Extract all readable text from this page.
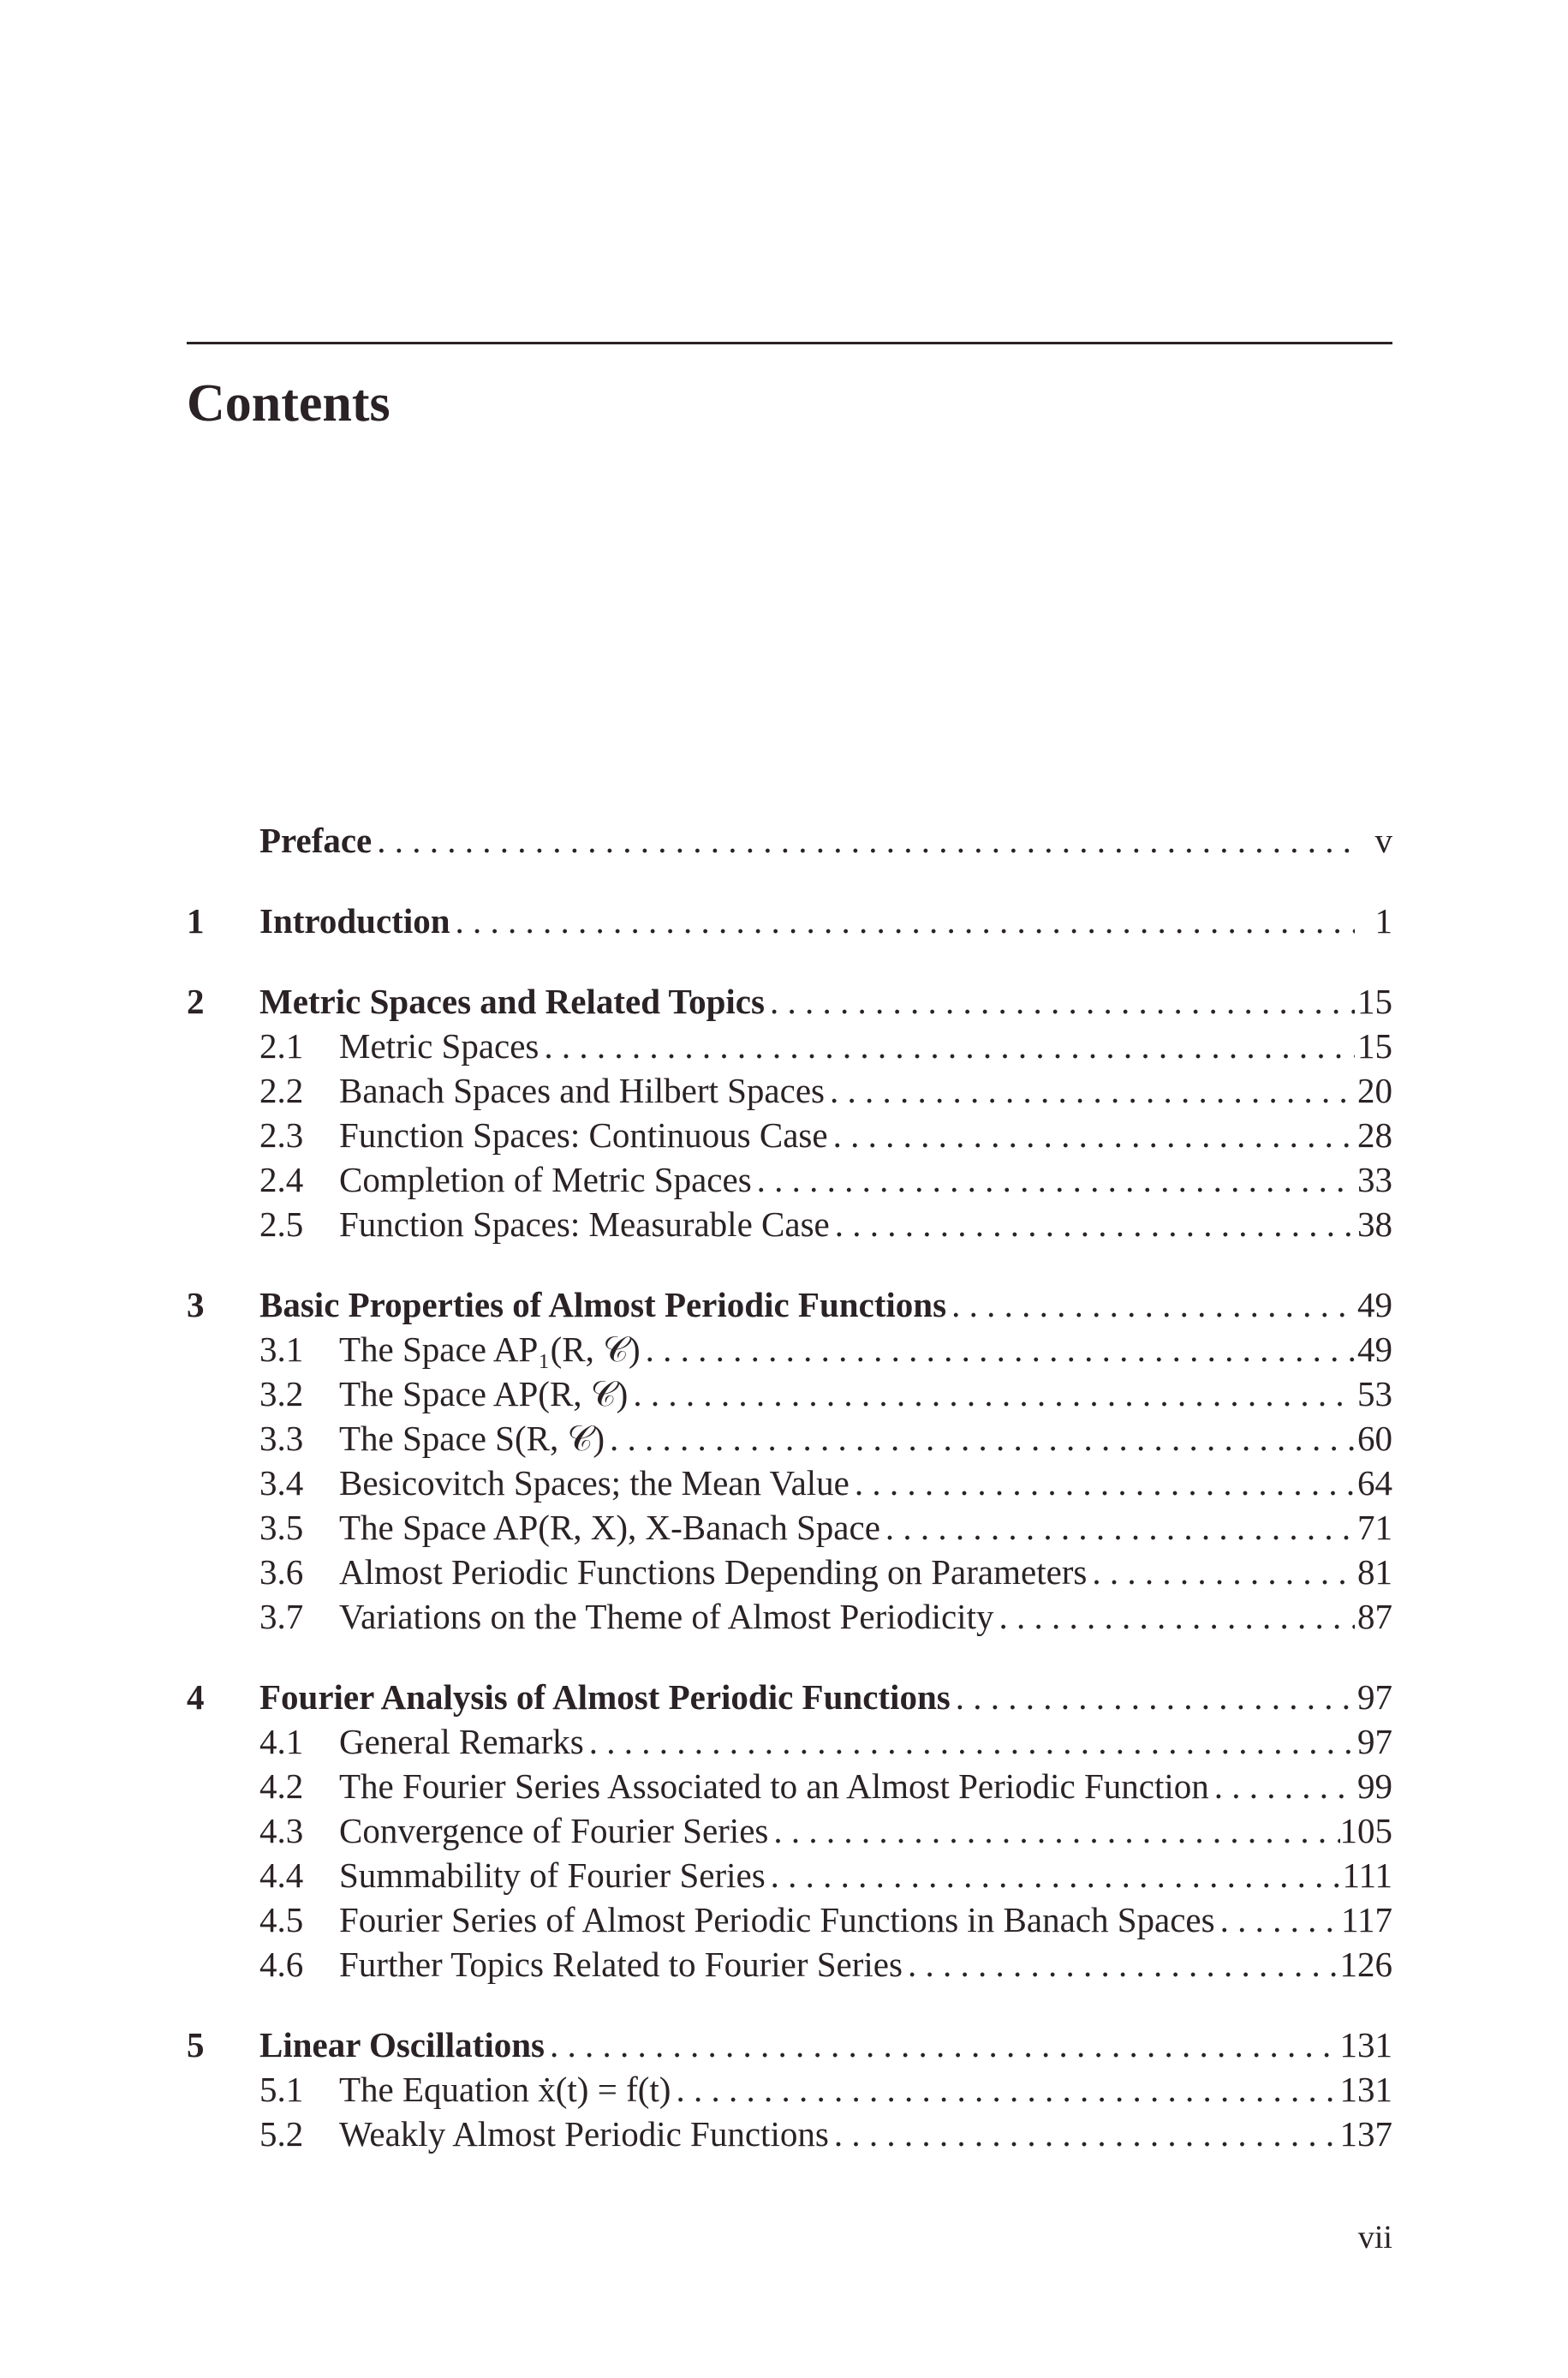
Contents
Preface . . .	v
1	Introduction . . .	1
2	Metric Spaces and Related Topics . . .	15
2.1	Metric Spaces . . .	15
2.2	Banach Spaces and Hilbert Spaces . . .	20
2.3	Function Spaces: Continuous Case . . .	28
2.4	Completion of Metric Spaces . . .	33
2.5	Function Spaces: Measurable Case . . .	38
3	Basic Properties of Almost Periodic Functions . . .	49
3.1	The Space AP₁(R, 𝒞) . . .	49
3.2	The Space AP(R, 𝒞) . . .	53
3.3	The Space S(R, 𝒞) . . .	60
3.4	Besicovitch Spaces; the Mean Value . . .	64
3.5	The Space AP(R, X), X-Banach Space . . .	71
3.6	Almost Periodic Functions Depending on Parameters . . .	81
3.7	Variations on the Theme of Almost Periodicity . . .	87
4	Fourier Analysis of Almost Periodic Functions . . .	97
4.1	General Remarks . . .	97
4.2	The Fourier Series Associated to an Almost Periodic Function . . .	99
4.3	Convergence of Fourier Series . . .	105
4.4	Summability of Fourier Series . . .	111
4.5	Fourier Series of Almost Periodic Functions in Banach Spaces . . .	117
4.6	Further Topics Related to Fourier Series . . .	126
5	Linear Oscillations . . .	131
5.1	The Equation ẋ(t) = f(t) . . .	131
5.2	Weakly Almost Periodic Functions . . .	137
vii
